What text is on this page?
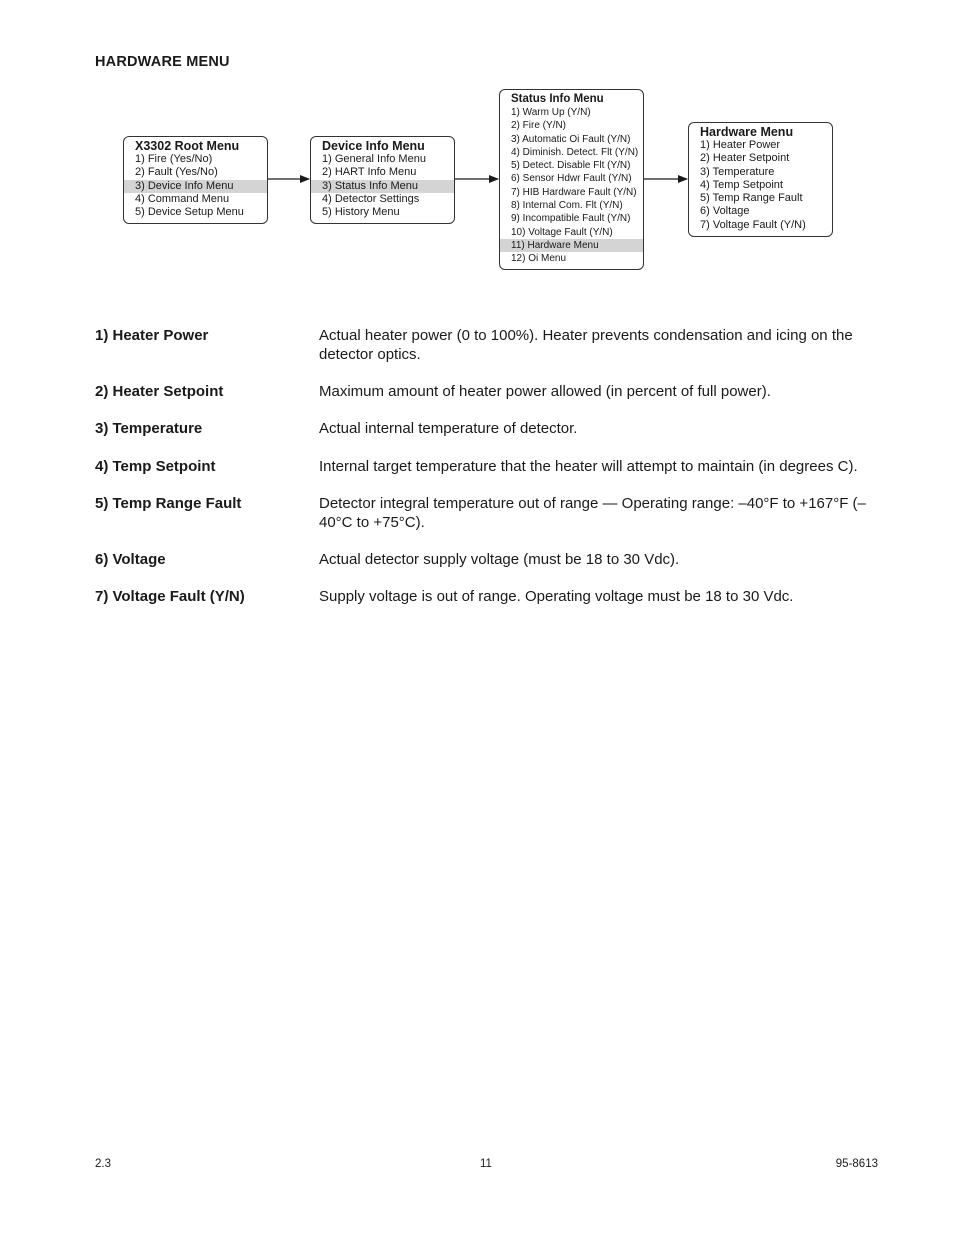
HARDWARE MENU
X3302 Root Menu
1) Fire (Yes/No)
2) Fault (Yes/No)
3) Device Info Menu
4) Command Menu
5) Device Setup Menu
Device Info Menu
1) General Info Menu
2) HART Info Menu
3) Status Info Menu
4) Detector Settings
5) History Menu
Status Info Menu
1) Warm Up (Y/N)
2) Fire (Y/N)
3) Automatic Oi Fault (Y/N)
4) Diminish. Detect. Flt (Y/N)
5) Detect. Disable Flt (Y/N)
6) Sensor Hdwr Fault (Y/N)
7) HIB Hardware Fault (Y/N)
8) Internal Com. Flt (Y/N)
9) Incompatible Fault (Y/N)
10) Voltage Fault (Y/N)
11) Hardware Menu
12) Oi Menu
Hardware Menu
1) Heater Power
2) Heater Setpoint
3) Temperature
4) Temp Setpoint
5) Temp Range Fault
6) Voltage
7) Voltage Fault (Y/N)
1) Heater Power	Actual heater power (0 to 100%). Heater prevents condensation and icing on the detector optics.
2) Heater Setpoint	Maximum amount of heater power allowed (in percent of full power).
3) Temperature	Actual internal temperature of detector.
4) Temp Setpoint	Internal target temperature that the heater will attempt to maintain (in degrees C).
5) Temp Range Fault	Detector integral temperature out of range — Operating range: –40°F to +167°F (–40°C to +75°C).
6) Voltage	Actual detector supply voltage (must be 18 to 30 Vdc).
7) Voltage Fault (Y/N)	Supply voltage is out of range. Operating voltage must be 18 to 30 Vdc.
2.3	11	95-8613
